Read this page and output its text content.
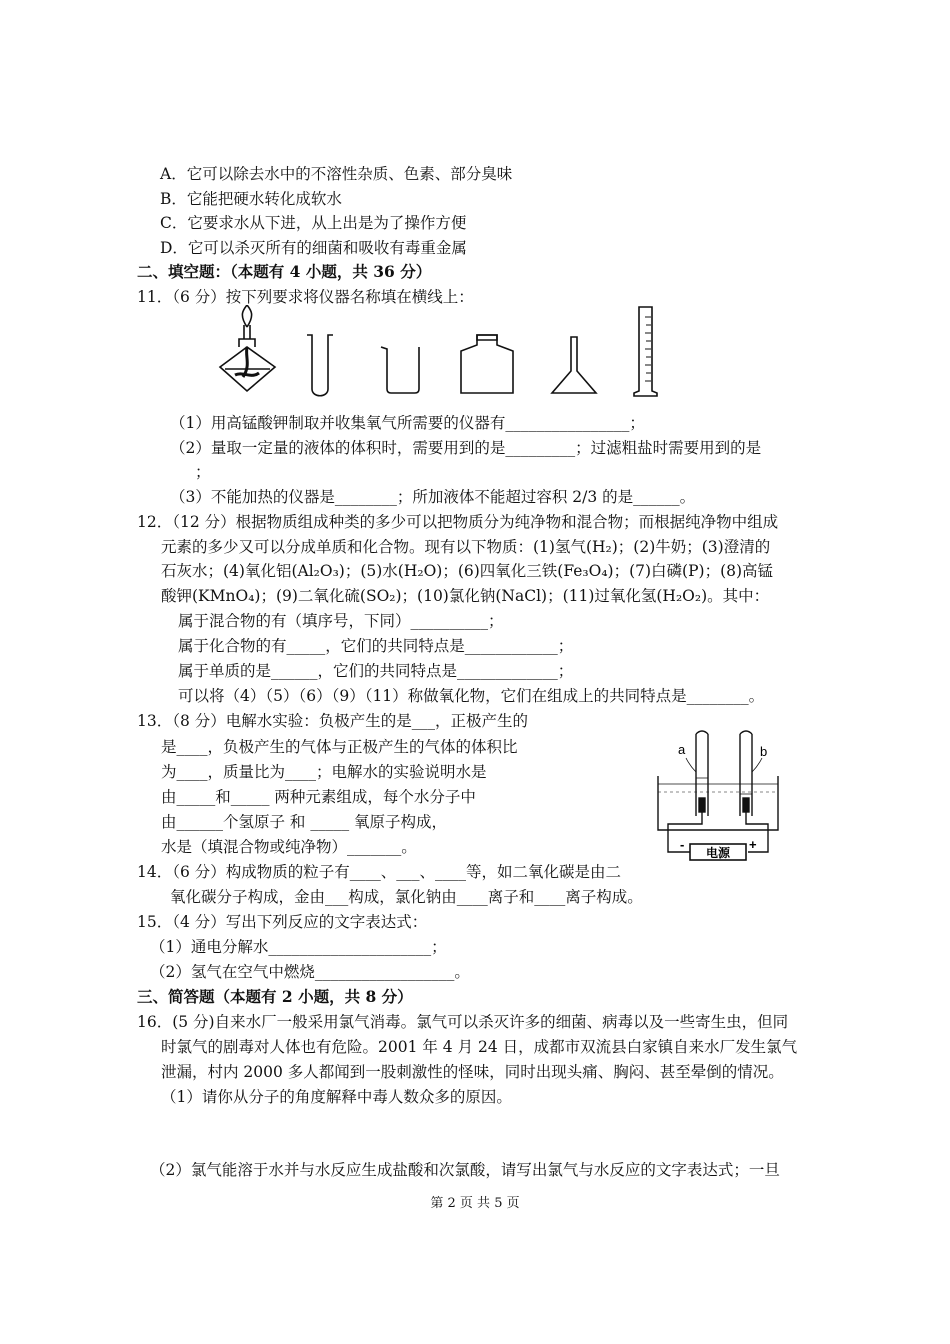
A．它可以除去水中的不溶性杂质、色素、部分臭味
B．它能把硬水转化成软水
C．它要求水从下进，从上出是为了操作方便
D．它可以杀灭所有的细菌和吸收有毒重金属
二、填空题：（本题有 4 小题，共 36 分）
11．（6 分）按下列要求将仪器名称填在横线上：
（1）用高锰酸钾制取并收集氧气所需要的仪器有________________；
（2）量取一定量的液体的体积时，需要用到的是_________；过滤粗盐时需要用到的是
；
（3）不能加热的仪器是________；所加液体不能超过容积 2/3 的是______。
12．（12 分）根据物质组成种类的多少可以把物质分为纯净物和混合物；而根据纯净物中组成
元素的多少又可以分成单质和化合物。现有以下物质：(1)氢气(H₂)；(2)牛奶；(3)澄清的
石灰水；(4)氧化铝(Al₂O₃)；(5)水(H₂O)；(6)四氧化三铁(Fe₃O₄)；(7)白磷(P)；(8)高锰
酸钾(KMnO₄)；(9)二氧化硫(SO₂)；(10)氯化钠(NaCl)；(11)过氧化氢(H₂O₂)。其中：
属于混合物的有（填序号，下同）__________；
属于化合物的有_____，它们的共同特点是____________；
属于单质的是______，它们的共同特点是_____________；
可以将（4）（5）（6）（9）（11）称做氧化物，它们在组成上的共同特点是________。
13．（8 分）电解水实验：负极产生的是___，正极产生的
是____，负极产生的气体与正极产生的气体的体积比
为____，质量比为____；电解水的实验说明水是
由_____和_____ 两种元素组成，每个水分子中
由______个氢原子 和 _____ 氧原子构成，
水是（填混合物或纯净物）_______。
a	b
电源
-	+
14．（6 分）构成物质的粒子有____、___、____等，如二氧化碳是由二
氧化碳分子构成，金由___构成，氯化钠由____离子和____离子构成。
15．（4 分）写出下列反应的文字表达式：
（1）通电分解水_____________________；
（2）氢气在空气中燃烧__________________。
三、简答题（本题有 2 小题，共 8 分）
16．(5 分)自来水厂一般采用氯气消毒。氯气可以杀灭许多的细菌、病毒以及一些寄生虫，但同
时氯气的剧毒对人体也有危险。2001 年 4 月 24 日，成都市双流县白家镇自来水厂发生氯气
泄漏，村内 2000 多人都闻到一股刺激性的怪味，同时出现头痛、胸闷、甚至晕倒的情况。
（1）请你从分子的角度解释中毒人数众多的原因。
（2）氯气能溶于水并与水反应生成盐酸和次氯酸，请写出氯气与水反应的文字表达式；一旦
第 2 页 共 5 页
